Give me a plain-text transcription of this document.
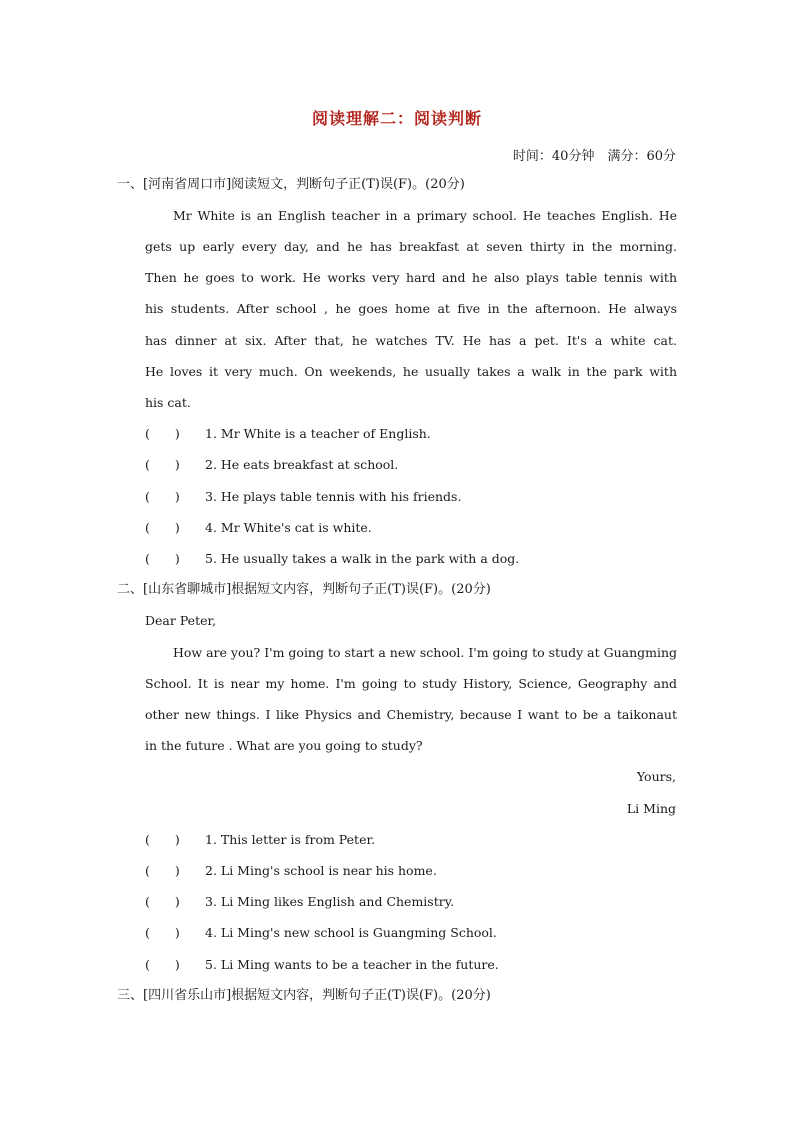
阅读理解二：阅读判断
时间：40分钟　满分：60分
一、[河南省周口市]阅读短文，判断句子正(T)误(F)。(20分)
Mr White is an English teacher in a primary school. He teaches English. He
gets up early every day, and he has breakfast at seven thirty in the morning.
Then he goes to work. He works very hard and he also plays table tennis with
his students. After school , he goes home at five in the afternoon. He always
has dinner at six. After that, he watches TV. He has a pet. It's a white cat.
He loves it very much. On weekends, he usually takes a walk in the park with
his cat.
(　　) 1. Mr White is a teacher of English.
(　　) 2. He eats breakfast at school.
(　　) 3. He plays table tennis with his friends.
(　　) 4. Mr White's cat is white.
(　　) 5. He usually takes a walk in the park with a dog.
二、[山东省聊城市]根据短文内容，判断句子正(T)误(F)。(20分)
Dear Peter,
How are you? I'm going to start a new school. I'm going to study at Guangming
School. It is near my home. I'm going to study History, Science, Geography and
other new things. I like Physics and Chemistry, because I want to be a taikonaut
in the future . What are you going to study?
Yours,
Li Ming
(　　) 1. This letter is from Peter.
(　　) 2. Li Ming's school is near his home.
(　　) 3. Li Ming likes English and Chemistry.
(　　) 4. Li Ming's new school is Guangming School.
(　　) 5. Li Ming wants to be a teacher in the future.
三、[四川省乐山市]根据短文内容，判断句子正(T)误(F)。(20分)
